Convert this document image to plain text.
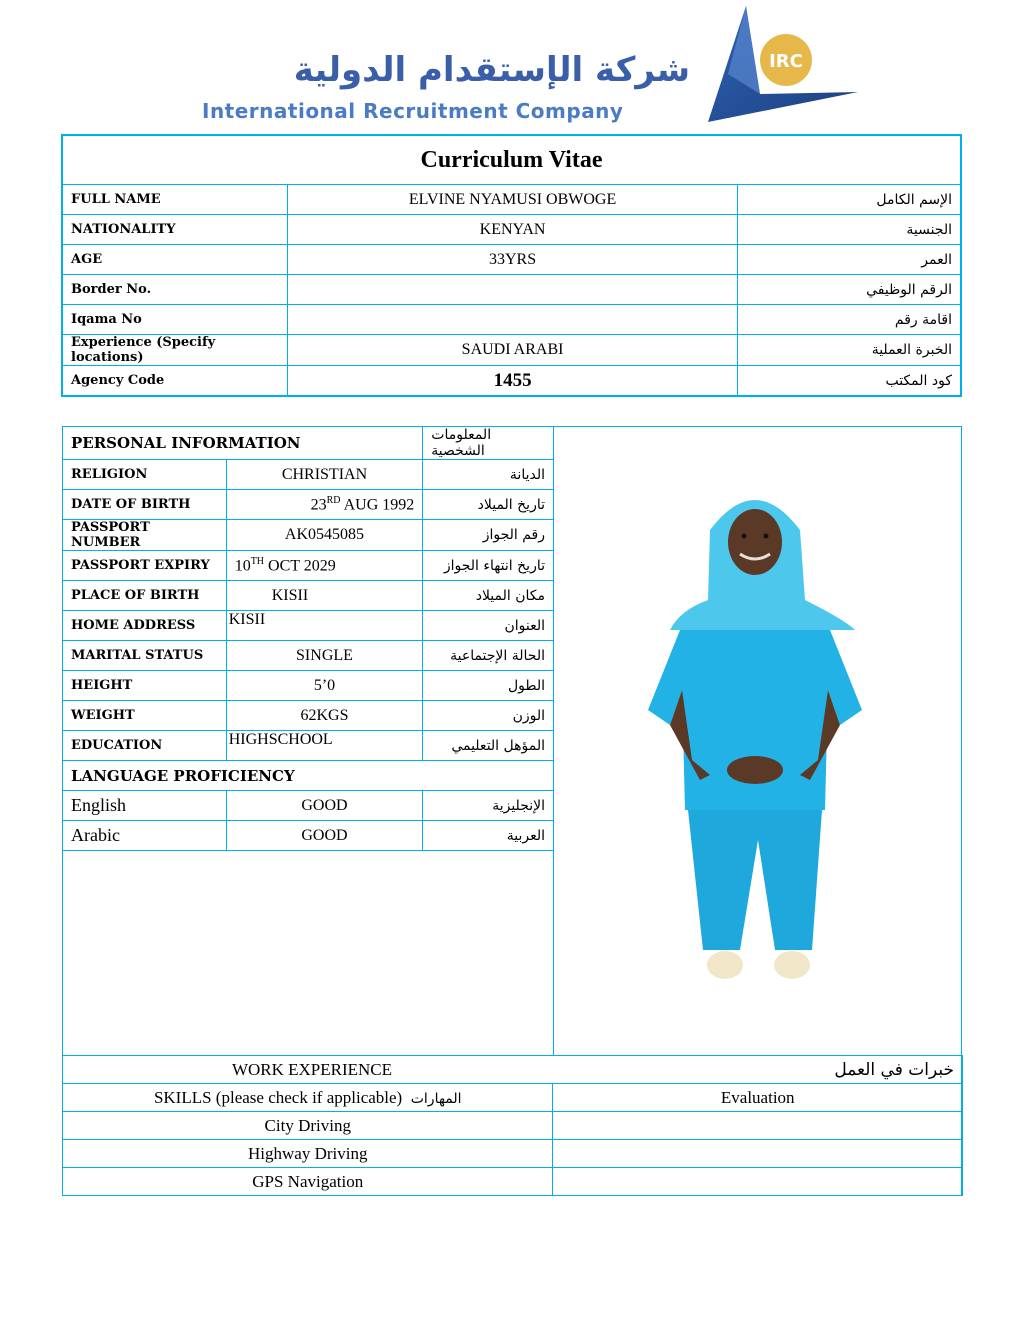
شركة الإستقدام الدولية
International Recruitment Company
IRC
Curriculum Vitae		
FULL NAME	ELVINE NYAMUSI OBWOGE	الإسم الكامل
NATIONALITY	KENYAN	الجنسية
AGE	33YRS	العمر
Border No.		الرقم الوظيفي
Iqama No		اقامة رقم
Experience (Specify locations)	SAUDI ARABI	الخبرة العملية
Agency Code	1455	كود المكتب
PERSONAL INFORMATION		المعلومات الشخصية
RELIGION	CHRISTIAN	الديانة
DATE OF BIRTH	23RD AUG 1992	تاريخ الميلاد
PASSPORT NUMBER	AK0545085	رقم الجواز
PASSPORT EXPIRY	10TH OCT 2029	تاريخ انتهاء الجواز
PLACE OF BIRTH	KISII	مكان الميلاد
HOME ADDRESS	KISII	العنوان
MARITAL STATUS	SINGLE	الحالة الإجتماعية
HEIGHT	5’0	الطول
WEIGHT	62KGS	الوزن
EDUCATION	HIGHSCHOOL	المؤهل التعليمي
LANGUAGE PROFICIENCY		
English	GOOD	الإنجليزية
Arabic	GOOD	العربية
WORK EXPERIENCE	خبرات في العمل
SKILLS (please check if applicable) المهارات	Evaluation
City Driving	
Highway Driving	
GPS Navigation	
